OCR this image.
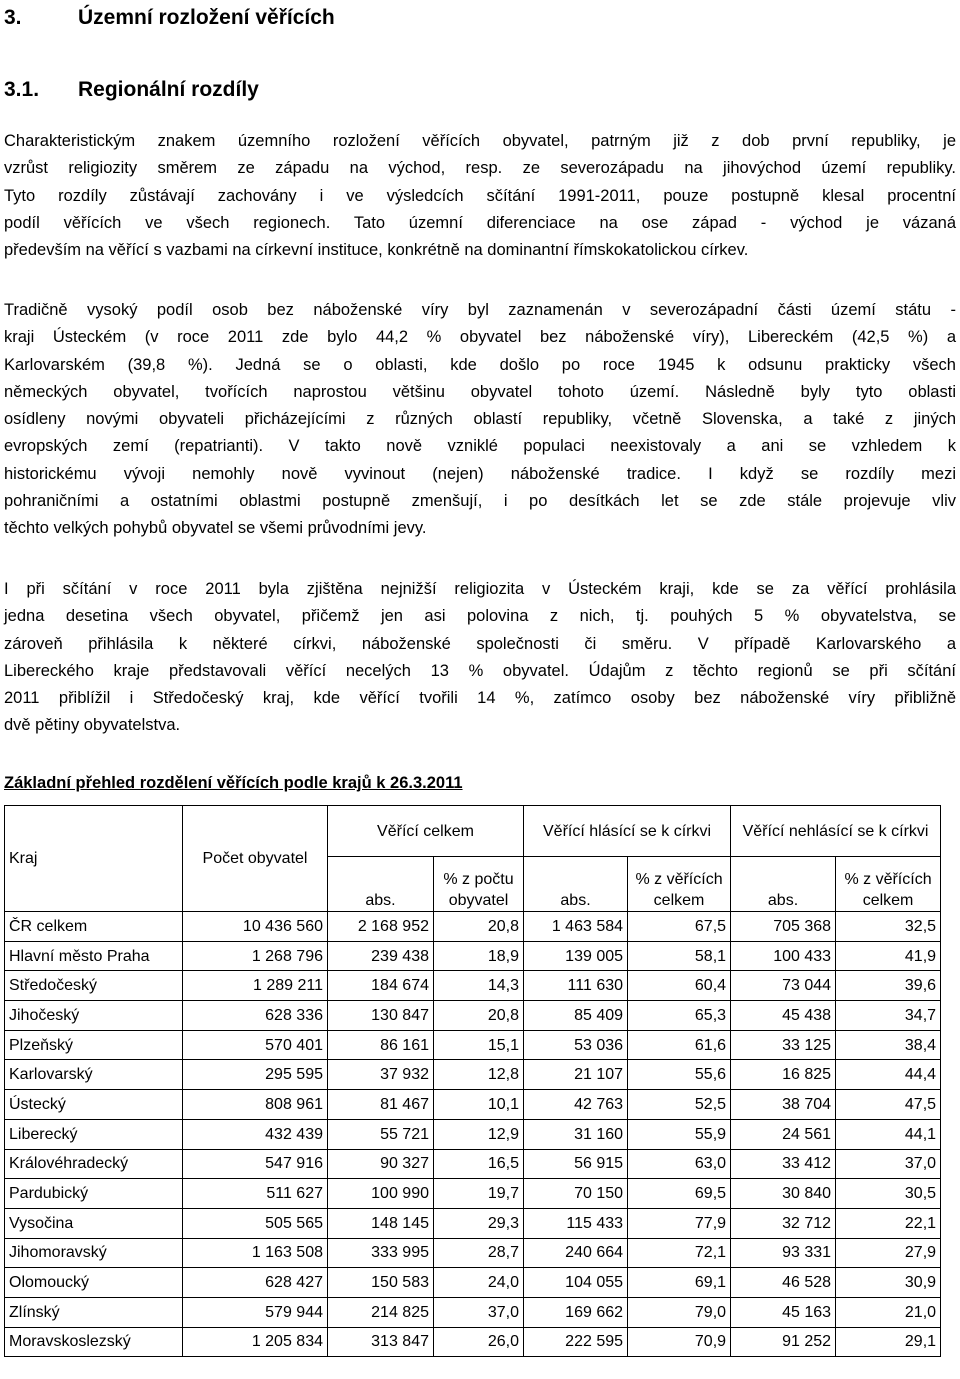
3.	Územní rozložení věřících
3.1. Regionální rozdíly

Charakteristickým znakem územního rozložení věřících obyvatel, patrným již z dob první republiky, je
vzrůst religiozity směrem ze západu na východ, resp. ze severozápadu na jihovýchod území republiky.
Tyto rozdíly zůstávají zachovány i ve výsledcích sčítání 1991-2011, pouze postupně klesal procentní
podíl věřících ve všech regionech. Tato územní diferenciace na ose západ - východ je vázaná
především na věřící s vazbami na církevní instituce, konkrétně na dominantní římskokatolickou církev.

Tradičně vysoký podíl osob bez náboženské víry byl zaznamenán v severozápadní části území státu -
kraji Ústeckém (v roce 2011 zde bylo 44,2 % obyvatel bez náboženské víry), Libereckém (42,5 %) a
Karlovarském (39,8 %). Jedná se o oblasti, kde došlo po roce 1945 k odsunu prakticky všech
německých obyvatel, tvořících naprostou většinu obyvatel tohoto území. Následně byly tyto oblasti
osídleny novými obyvateli přicházejícími z různých oblastí republiky, včetně Slovenska, a také z jiných
evropských zemí (repatrianti). V takto nově vzniklé populaci neexistovaly a ani se vzhledem k
historickému vývoji nemohly nově vyvinout (nejen) náboženské tradice. I když se rozdíly mezi
pohraničními a ostatními oblastmi postupně zmenšují, i po desítkách let se zde stále projevuje vliv
těchto velkých pohybů obyvatel se všemi průvodními jevy.

I při sčítání v roce 2011 byla zjištěna nejnižší religiozita v Ústeckém kraji, kde se za věřící prohlásila
jedna desetina všech obyvatel, přičemž jen asi polovina z nich, tj. pouhých 5 % obyvatelstva, se
zároveň přihlásila k některé církvi, náboženské společnosti či směru. V případě Karlovarského a
Libereckého kraje představovali věřící necelých 13 % obyvatel. Údajům z těchto regionů se při sčítání
2011 přiblížil i Středočeský kraj, kde věřící tvořili 14 %, zatímco osoby bez náboženské víry přibližně
dvě pětiny obyvatelstva.

Základní přehled rozdělení věřících podle krajů k 26.3.2011
Kraj	Počet obyvatel	Věřící celkem		Věřící hlásící se k církvi		Věřící nehlásící se k církvi	
		abs.	% z počtu obyvatel	abs.	% z věřících celkem	abs.	% z věřících celkem
ČR celkem	10 436 560	2 168 952	20,8	1 463 584	67,5	705 368	32,5
Hlavní město Praha	1 268 796	239 438	18,9	139 005	58,1	100 433	41,9
Středočeský	1 289 211	184 674	14,3	111 630	60,4	73 044	39,6
Jihočeský	628 336	130 847	20,8	85 409	65,3	45 438	34,7
Plzeňský	570 401	86 161	15,1	53 036	61,6	33 125	38,4
Karlovarský	295 595	37 932	12,8	21 107	55,6	16 825	44,4
Ústecký	808 961	81 467	10,1	42 763	52,5	38 704	47,5
Liberecký	432 439	55 721	12,9	31 160	55,9	24 561	44,1
Královéhradecký	547 916	90 327	16,5	56 915	63,0	33 412	37,0
Pardubický	511 627	100 990	19,7	70 150	69,5	30 840	30,5
Vysočina	505 565	148 145	29,3	115 433	77,9	32 712	22,1
Jihomoravský	1 163 508	333 995	28,7	240 664	72,1	93 331	27,9
Olomoucký	628 427	150 583	24,0	104 055	69,1	46 528	30,9
Zlínský	579 944	214 825	37,0	169 662	79,0	45 163	21,0
Moravskoslezský	1 205 834	313 847	26,0	222 595	70,9	91 252	29,1
